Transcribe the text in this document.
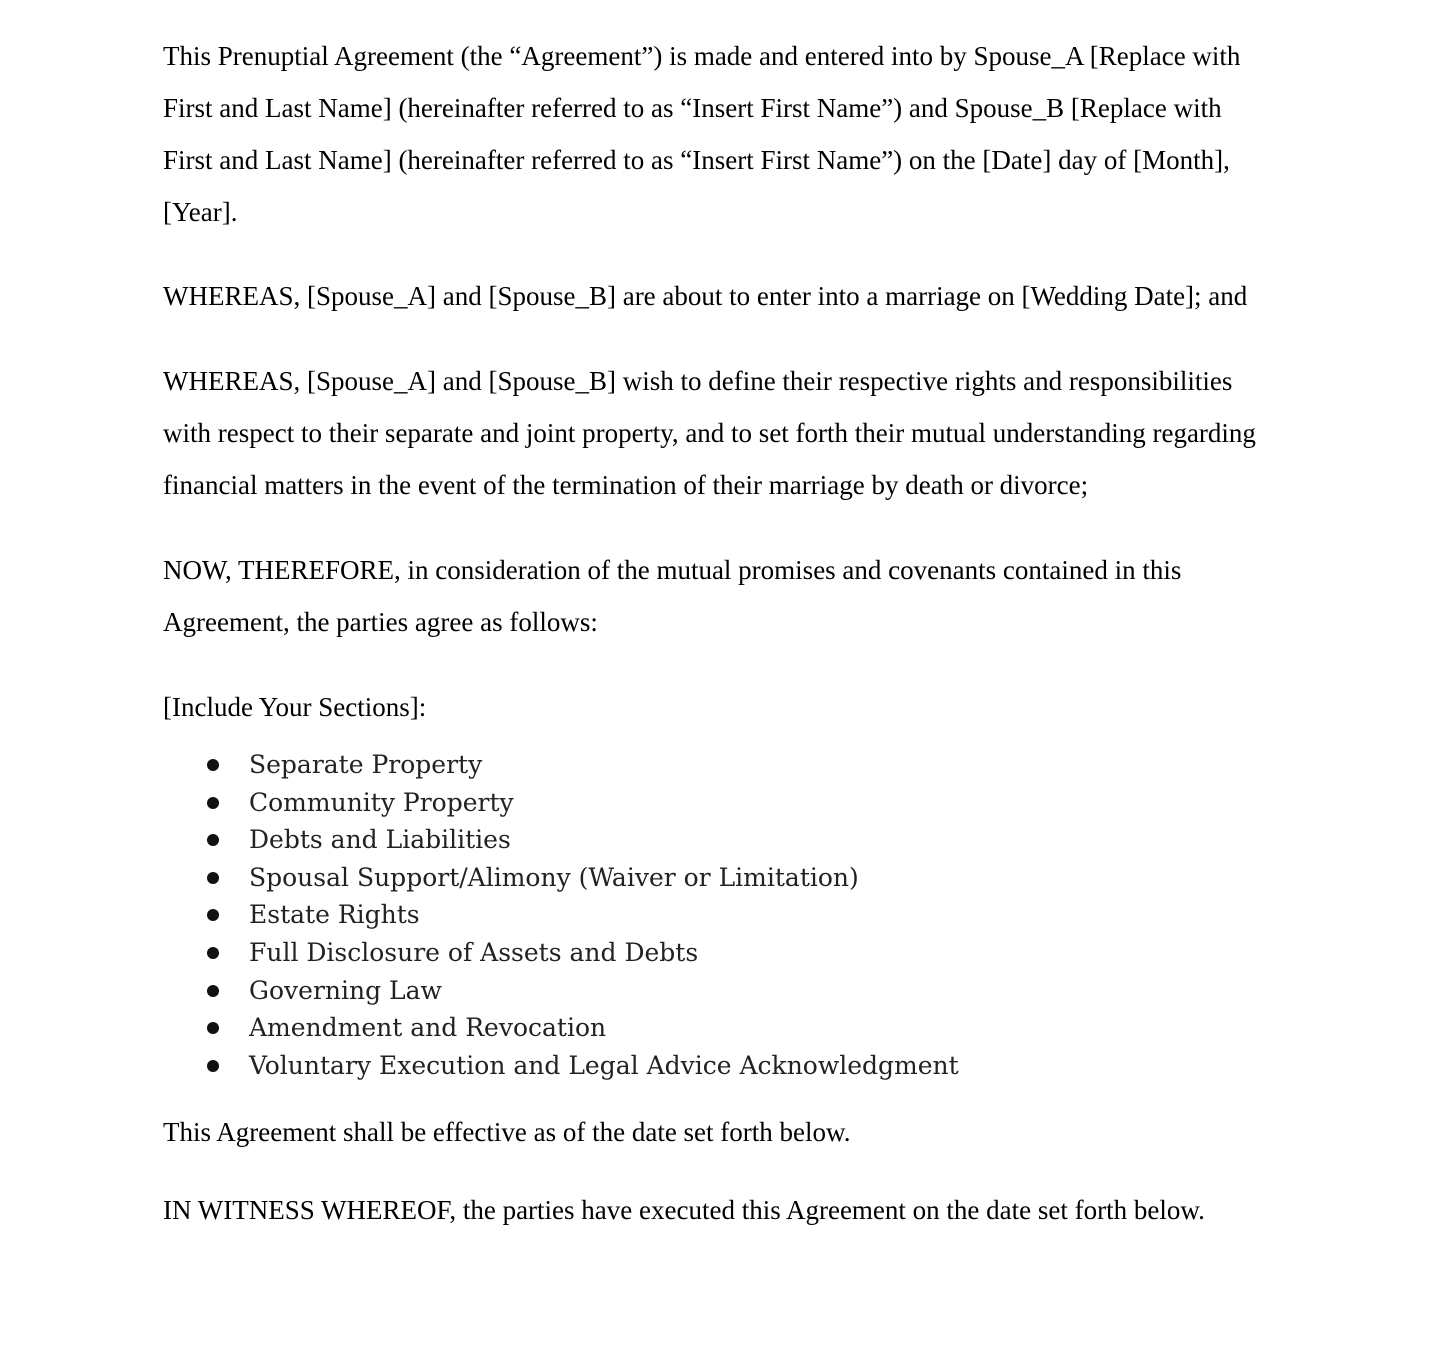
This Prenuptial Agreement (the “Agreement”) is made and entered into by Spouse_A [Replace with First and Last Name] (hereinafter referred to as “Insert First Name”) and Spouse_B [Replace with First and Last Name] (hereinafter referred to as “Insert First Name”) on the [Date] day of [Month], [Year].

WHEREAS, [Spouse_A] and [Spouse_B] are about to enter into a marriage on [Wedding Date]; and

WHEREAS, [Spouse_A] and [Spouse_B] wish to define their respective rights and responsibilities with respect to their separate and joint property, and to set forth their mutual understanding regarding financial matters in the event of the termination of their marriage by death or divorce;

NOW, THEREFORE, in consideration of the mutual promises and covenants contained in this Agreement, the parties agree as follows:

[Include Your Sections]:

Separate Property
Community Property
Debts and Liabilities
Spousal Support/Alimony (Waiver or Limitation)
Estate Rights
Full Disclosure of Assets and Debts
Governing Law
Amendment and Revocation
Voluntary Execution and Legal Advice Acknowledgment

This Agreement shall be effective as of the date set forth below.

IN WITNESS WHEREOF, the parties have executed this Agreement on the date set forth below.
